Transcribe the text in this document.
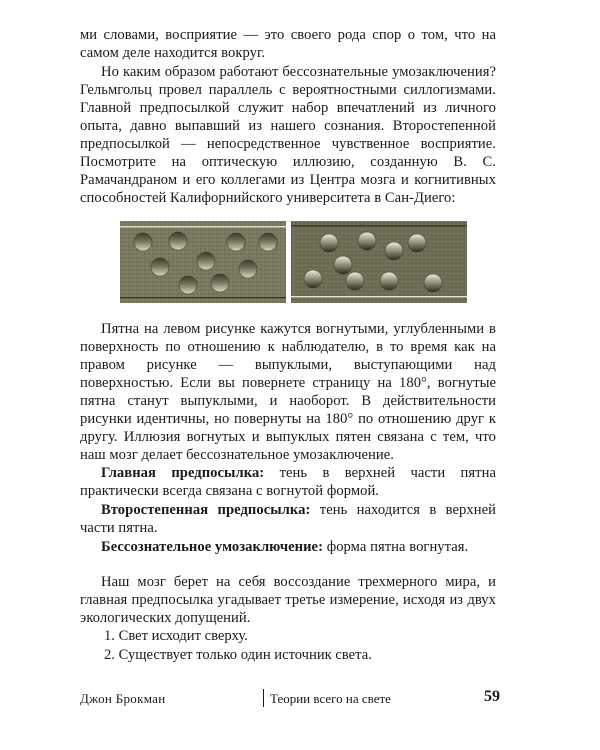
ми словами, восприятие — это своего рода спор о том, что на самом деле находится вокруг.

Но каким образом работают бессознательные умозаключения? Гельмгольц провел параллель с вероятностными силлогизмами. Главной предпосылкой служит набор впечатлений из личного опыта, давно выпавший из нашего сознания. Второстепенной предпосылкой — непосредственное чувственное восприятие. Посмотрите на оптическую иллюзию, созданную В. С. Рамачандраном и его коллегами из Центра мозга и когнитивных способностей Калифорнийского университета в Сан-Диего:

Пятна на левом рисунке кажутся вогнутыми, углубленными в поверхность по отношению к наблюдателю, в то время как на правом рисунке — выпуклыми, выступающими над поверхностью. Если вы повернете страницу на 180°, вогнутые пятна станут выпуклыми, и наоборот. В действительности рисунки идентичны, но повернуты на 180° по отношению друг к другу. Иллюзия вогнутых и выпуклых пятен связана с тем, что наш мозг делает бессознательное умозаключение.

Главная предпосылка: тень в верхней части пятна практически всегда связана с вогнутой формой.

Второстепенная предпосылка: тень находится в верхней части пятна.

Бессознательное умозаключение: форма пятна вогнутая.

Наш мозг берет на себя воссоздание трехмерного мира, и главная предпосылка угадывает третье измерение, исходя из двух экологических допущений.

1. Свет исходит сверху.
2. Существует только один источник света.
Джон Брокман	Теории всего на свете	59
